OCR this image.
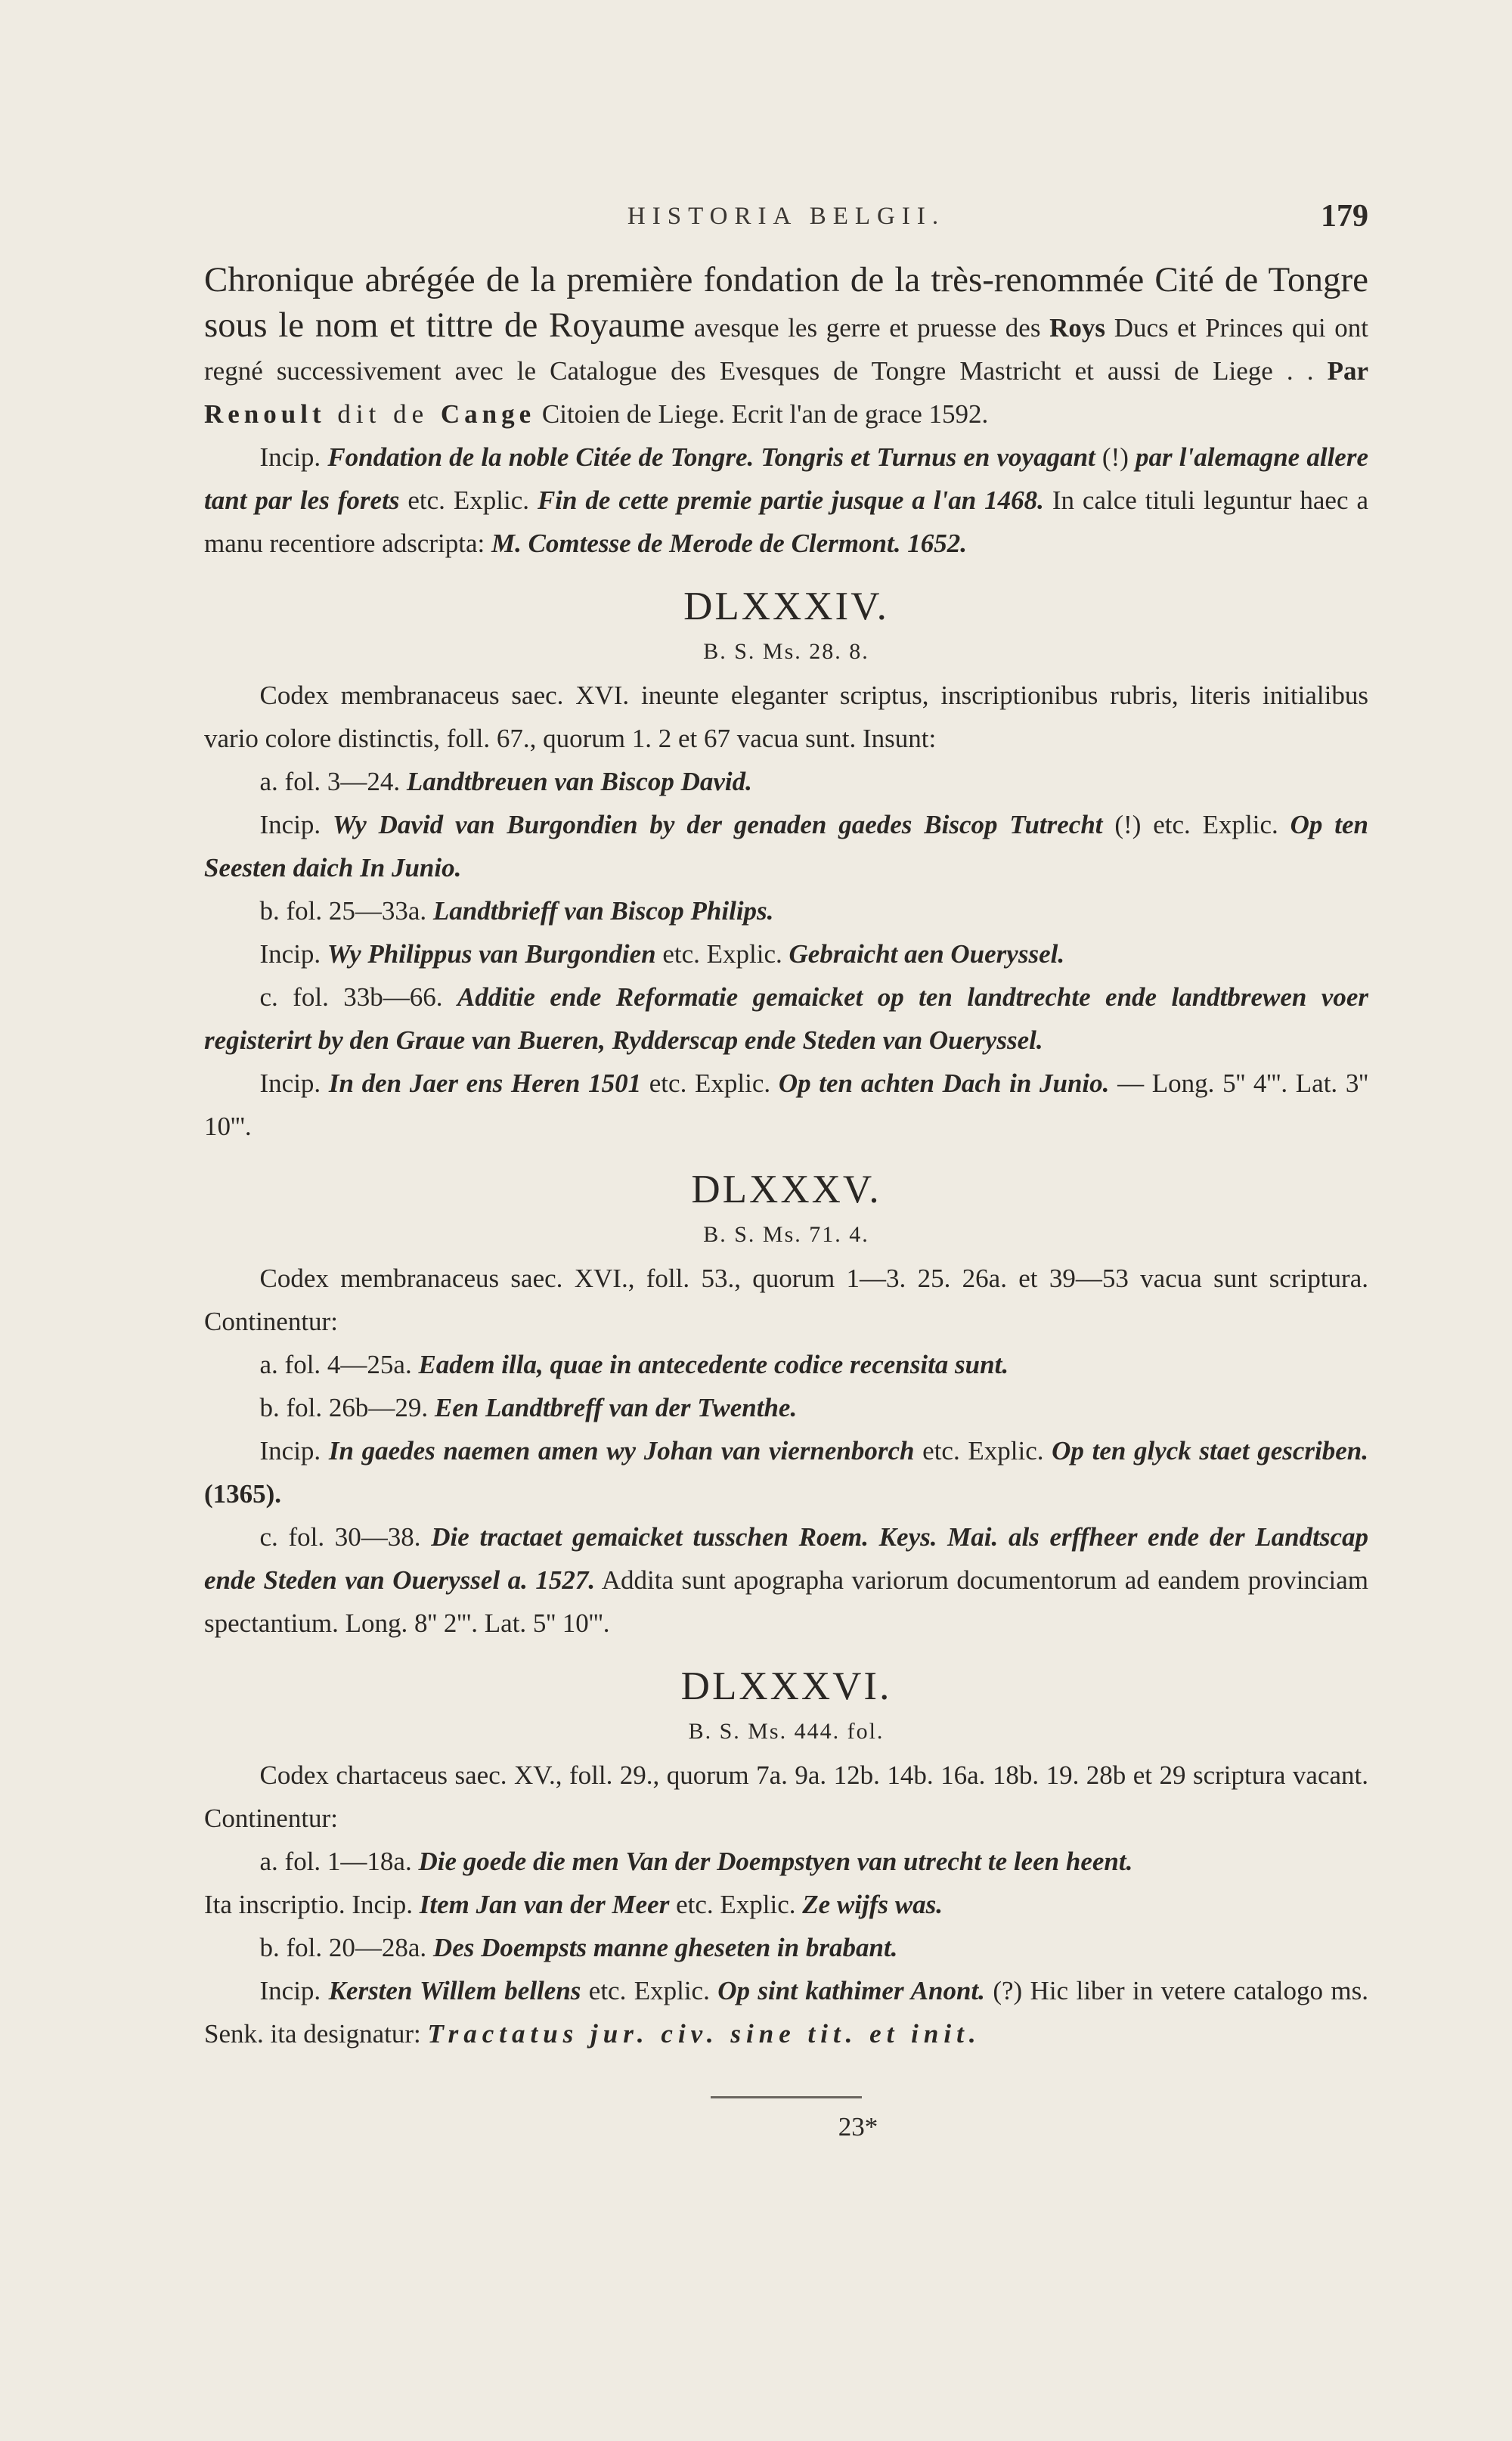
HISTORIA BELGII.	179

Chronique abrégée de la première fondation de la très-renommée Cité de Tongre sous le nom et tittre de Royaume avesque les gerre et pruesse des Roys Ducs et Princes qui ont regné successivement avec le Catalogue des Evesques de Tongre Mastricht et aussi de Liege . . Par Renoult dit de Cange Citoien de Liege. Ecrit l'an de grace 1592.

Incip. Fondation de la noble Citée de Tongre. Tongris et Turnus en voyagant (!) par l'alemagne allere tant par les forets etc. Explic. Fin de cette premie partie jusque a l'an 1468. In calce tituli leguntur haec a manu recentiore adscripta: M. Comtesse de Merode de Clermont. 1652.

DLXXXIV.
B. S. Ms. 28. 8.

Codex membranaceus saec. XVI. ineunte eleganter scriptus, inscriptionibus rubris, literis initialibus vario colore distinctis, foll. 67., quorum 1. 2 et 67 vacua sunt. Insunt:

a. fol. 3—24. Landtbreuen van Biscop David.

Incip. Wy David van Burgondien by der genaden gaedes Biscop Tutrecht (!) etc. Explic. Op ten Seesten daich In Junio.

b. fol. 25—33a. Landtbrieff van Biscop Philips.

Incip. Wy Philippus van Burgondien etc. Explic. Gebraicht aen Oueryssel.

c. fol. 33b—66. Additie ende Reformatie gemaicket op ten landtrechte ende landtbrewen voer registerirt by den Graue van Bueren, Rydderscap ende Steden van Oueryssel.

Incip. In den Jaer ens Heren 1501 etc. Explic. Op ten achten Dach in Junio. — Long. 5'' 4'''. Lat. 3'' 10'''.

DLXXXV.
B. S. Ms. 71. 4.

Codex membranaceus saec. XVI., foll. 53., quorum 1—3. 25. 26a. et 39—53 vacua sunt scriptura. Continentur:

a. fol. 4—25a. Eadem illa, quae in antecedente codice recensita sunt.

b. fol. 26b—29. Een Landtbreff van der Twenthe.

Incip. In gaedes naemen amen wy Johan van viernenborch etc. Explic. Op ten glyck staet gescriben. (1365).

c. fol. 30—38. Die tractaet gemaicket tusschen Roem. Keys. Mai. als erffheer ende der Landtscap ende Steden van Oueryssel a. 1527. Addita sunt apographa variorum documentorum ad eandem provinciam spectantium. Long. 8'' 2'''. Lat. 5'' 10'''.

DLXXXVI.
B. S. Ms. 444. fol.

Codex chartaceus saec. XV., foll. 29., quorum 7a. 9a. 12b. 14b. 16a. 18b. 19. 28b et 29 scriptura vacant. Continentur:

a. fol. 1—18a. Die goede die men Van der Doempstyen van utrecht te leen heent.

Ita inscriptio. Incip. Item Jan van der Meer etc. Explic. Ze wijfs was.

b. fol. 20—28a. Des Doempsts manne gheseten in brabant.

Incip. Kersten Willem bellens etc. Explic. Op sint kathimer Anont. (?) Hic liber in vetere catalogo ms. Senk. ita designatur: Tractatus jur. civ. sine tit. et init.

23*
